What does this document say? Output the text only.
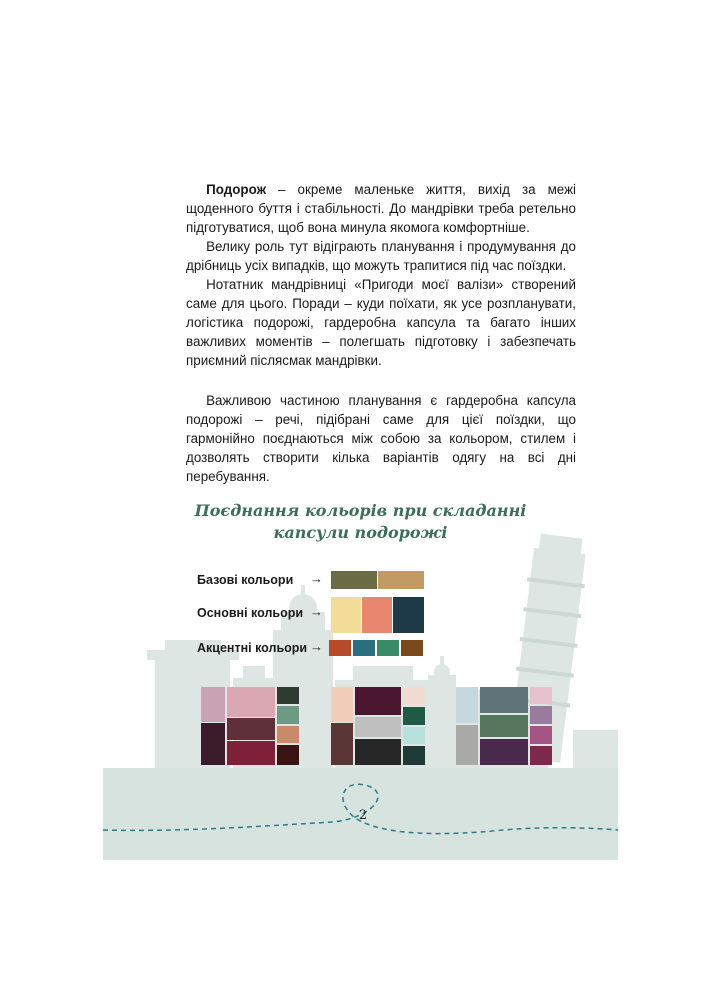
  Подорож – окреме маленьке життя, вихід за межі щоденного буття і стабільності. До мандрівки треба ретельно підготуватися, щоб вона минула якомога комфортніше.

  Велику роль тут відіграють планування і продумування до дрібниць усіх випадків, що можуть трапитися під час поїздки.

  Нотатник мандрівниці «Пригоди моєї валізи» створений саме для цього. Поради – куди поїхати, як усе розпланувати, логістика подорожі, гардеробна капсула та багато інших важливих моментів – полегшать підготовку і забезпечать приємний післясмак мандрівки.

  Важливою частиною планування є гардеробна капсула подорожі – речі, підібрані саме для цієї поїздки, що гармонійно поєднаються між собою за кольором, стилем і дозволять створити кілька варіантів одягу на всі дні перебування.

Поєднання кольорів при складанні
капсули подорожі
Базові кольори →
Основні кольори →
Акцентні кольори →
2
